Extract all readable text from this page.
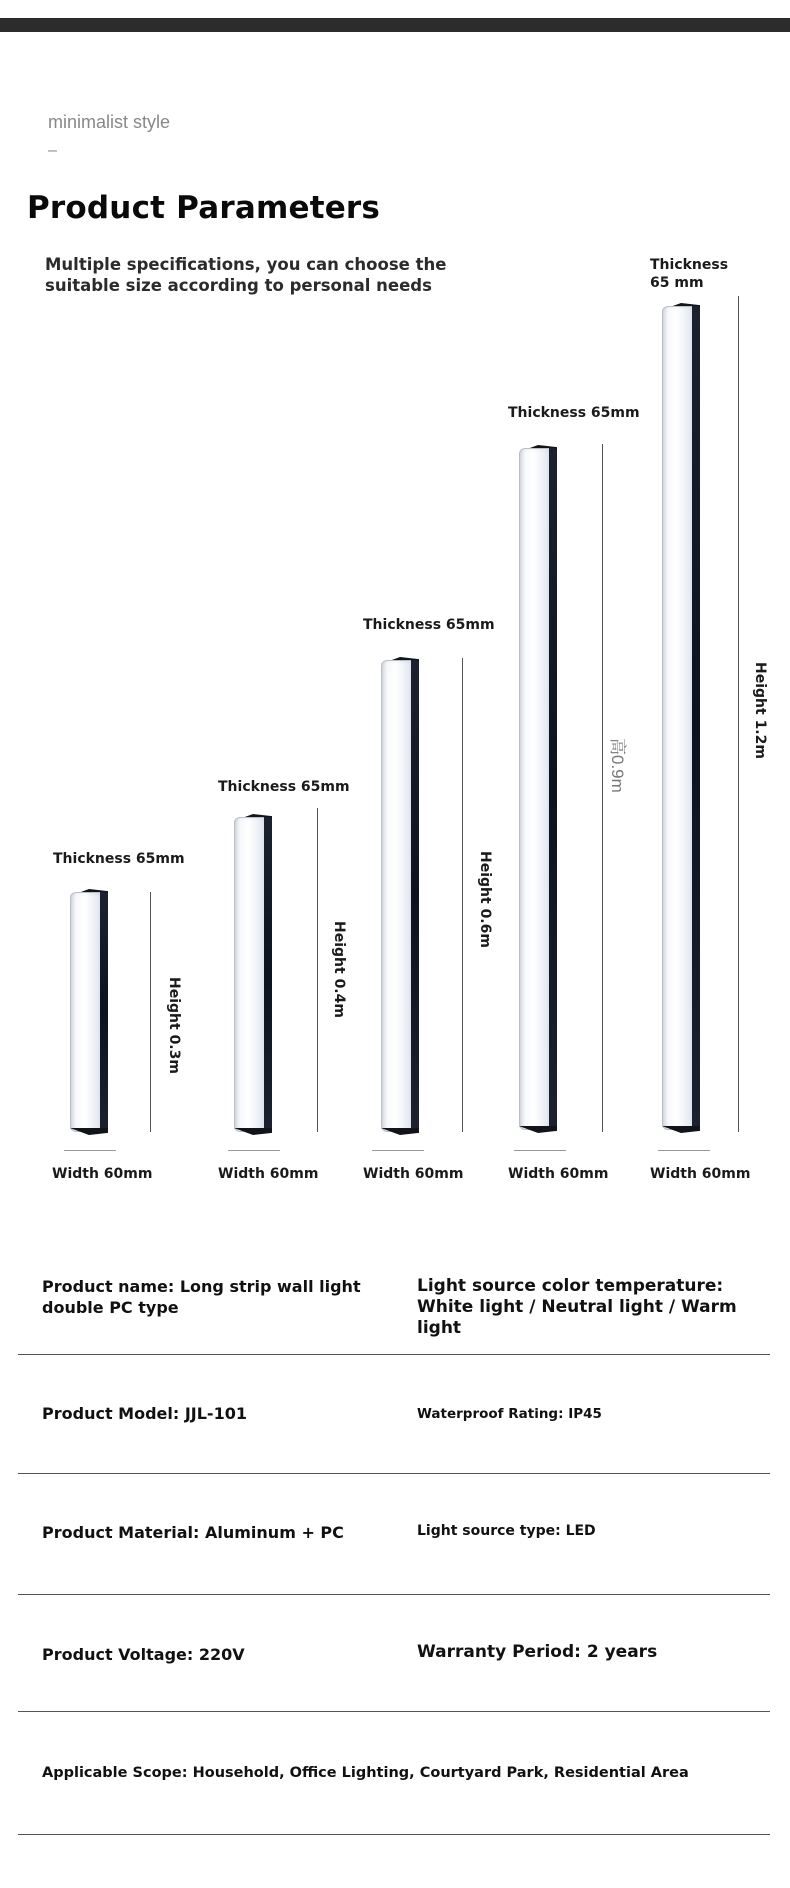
minimalist style
–
Product Parameters
Multiple specifications, you can choose the suitable size according to personal needs
Thickness 65mm
Height 0.3m
Width 60mm
Thickness 65mm
Height 0.4m
Width 60mm
Thickness 65mm
Height 0.6m
Width 60mm
Thickness 65mm
高0.9m
Width 60mm
Thickness 65 mm
Height 1.2m
Width 60mm
Product name: Long strip wall light double PC type
Light source color temperature: White light / Neutral light / Warm light
Product Model: JJL-101	Waterproof Rating: IP45
Product Material: Aluminum + PC	Light source type: LED
Product Voltage: 220V	Warranty Period: 2 years
Applicable Scope: Household, Office Lighting, Courtyard Park, Residential Area
